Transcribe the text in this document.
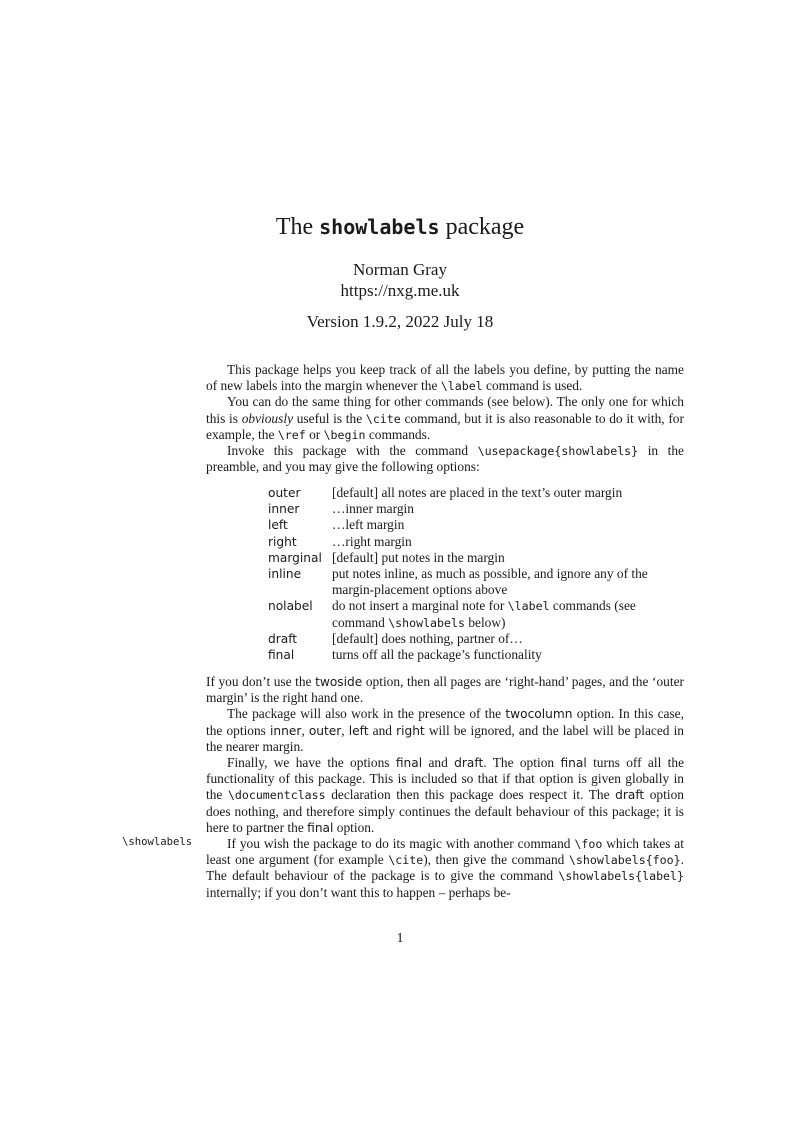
The showlabels package
Norman Gray
https://nxg.me.uk
Version 1.9.2, 2022 July 18

This package helps you keep track of all the labels you define, by putting the name of new labels into the margin whenever the \label command is used.

You can do the same thing for other commands (see below). The only one for which this is obviously useful is the \cite command, but it is also reasonable to do it with, for example, the \ref or \begin commands.

Invoke this package with the command \usepackage{showlabels} in the preamble, and you may give the following options:

outer	[default] all notes are placed in the text’s outer margin
inner	…inner margin
left	…left margin
right	…right margin
marginal [default] put notes in the margin
inline	put notes inline, as much as possible, and ignore any of the margin-placement options above
nolabel	do not insert a marginal note for \label commands (see command \showlabels below)
draft	[default] does nothing, partner of…
final	turns off all the package’s functionality

If you don’t use the twoside option, then all pages are ‘right-hand’ pages, and the ‘outer margin’ is the right hand one.

The package will also work in the presence of the twocolumn option. In this case, the options inner, outer, left and right will be ignored, and the label will be placed in the nearer margin.

Finally, we have the options final and draft. The option final turns off all the functionality of this package. This is included so that if that option is given globally in the \documentclass declaration then this package does respect it. The draft option does nothing, and therefore simply continues the default behaviour of this package; it is here to partner the final option.

If you wish the package to do its magic with another command \foo which takes at least one argument (for example \cite), then give the command \showlabels{foo}. The default behaviour of the package is to give the command \showlabels{label} internally; if you don’t want this to happen – perhaps be-

\showlabels
1
